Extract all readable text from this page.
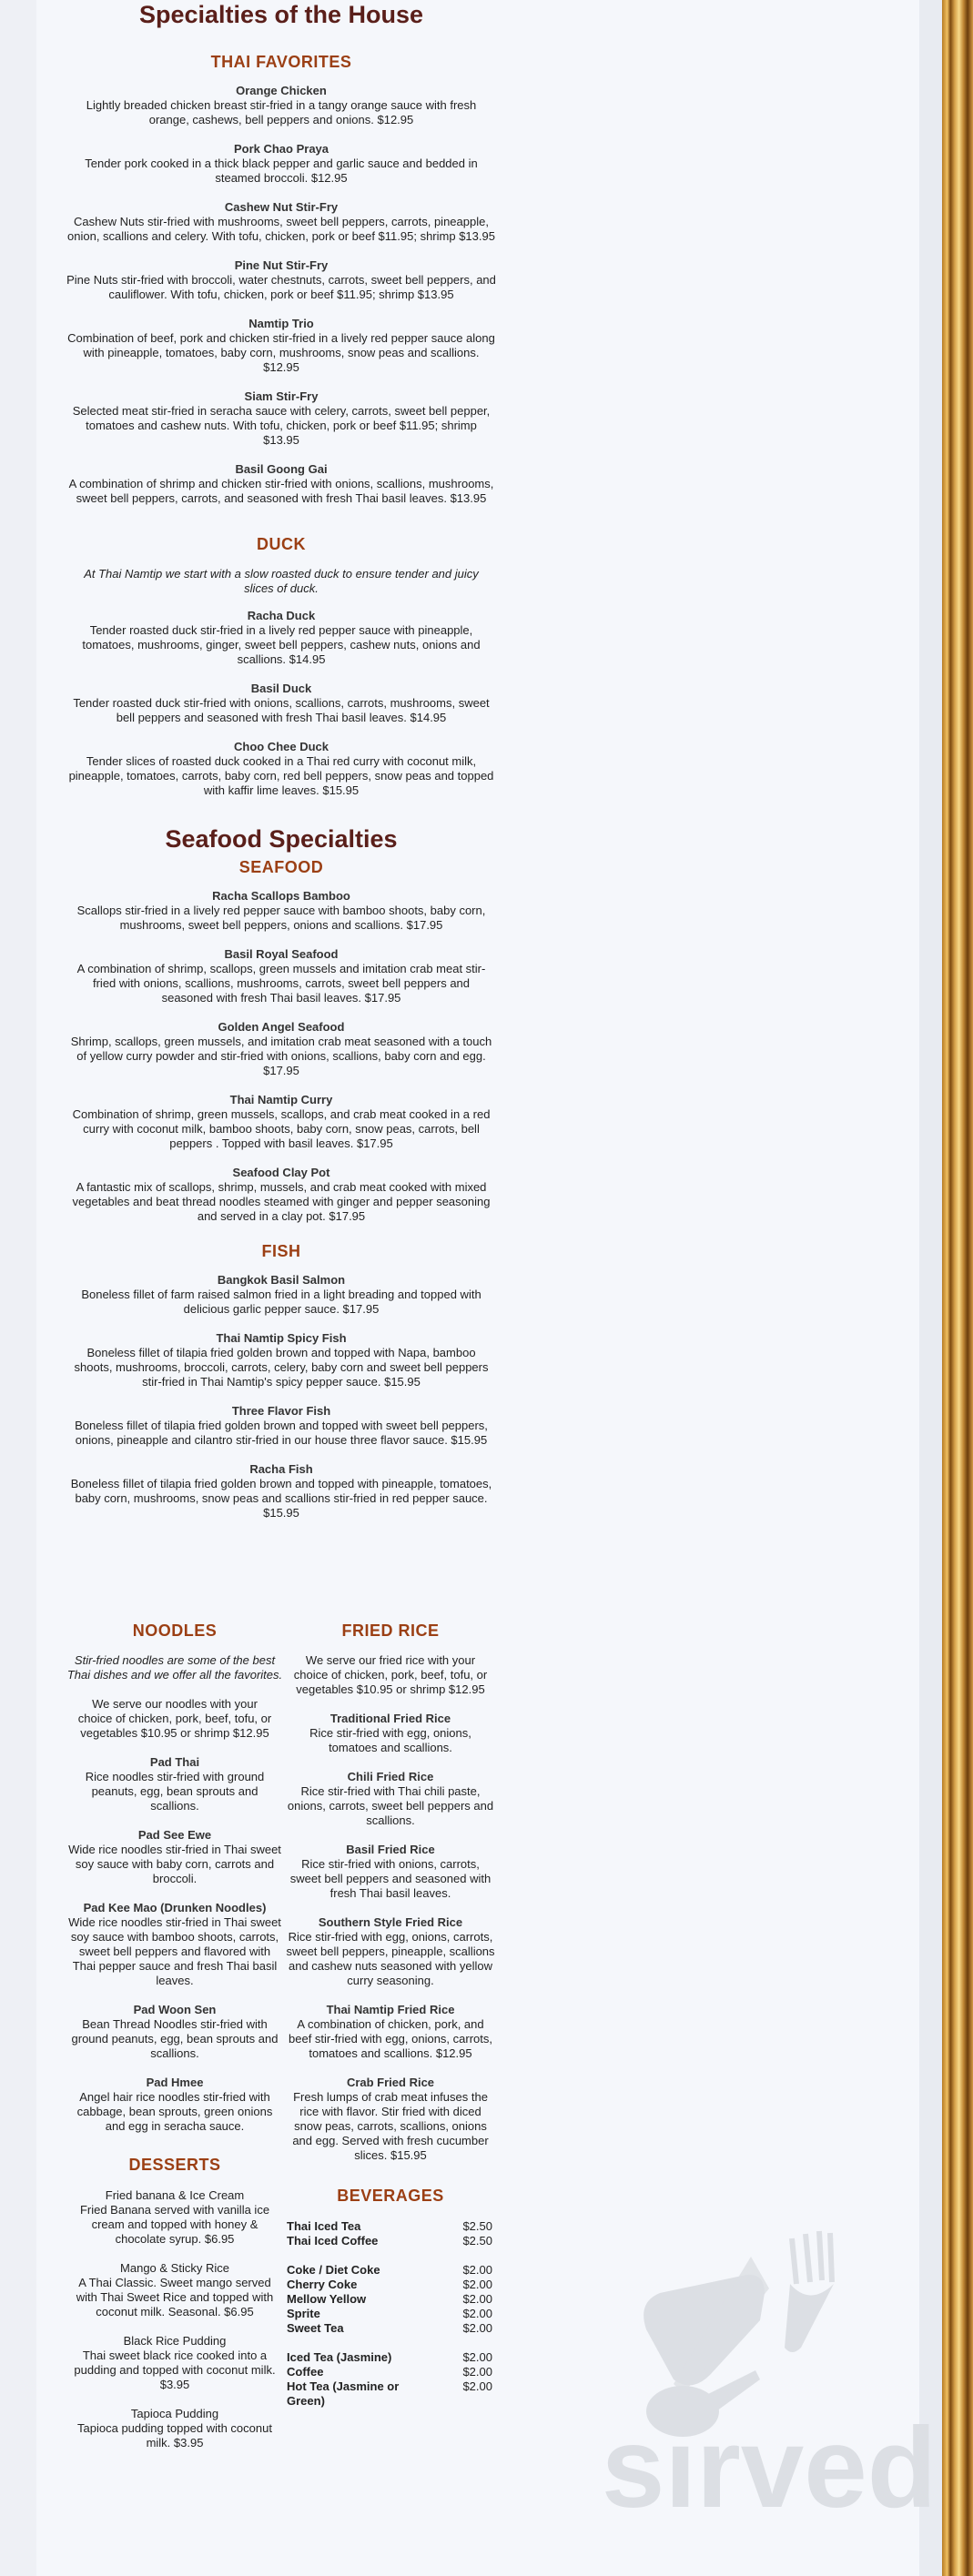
sirved
Specialties of the House
THAI FAVORITES
Orange Chicken
Lightly breaded chicken breast stir-fried in a tangy orange sauce with fresh orange, cashews, bell peppers and onions. $12.95
Pork Chao Praya
Tender pork cooked in a thick black pepper and garlic sauce and bedded in steamed broccoli. $12.95
Cashew Nut Stir-Fry
Cashew Nuts stir-fried with mushrooms, sweet bell peppers, carrots, pineapple, onion, scallions and celery. With tofu, chicken, pork or beef $11.95; shrimp $13.95
Pine Nut Stir-Fry
Pine Nuts stir-fried with broccoli, water chestnuts, carrots, sweet bell peppers, and cauliflower. With tofu, chicken, pork or beef $11.95; shrimp $13.95
Namtip Trio
Combination of beef, pork and chicken stir-fried in a lively red pepper sauce along with pineapple, tomatoes, baby corn, mushrooms, snow peas and scallions. $12.95
Siam Stir-Fry
Selected meat stir-fried in seracha sauce with celery, carrots, sweet bell pepper, tomatoes and cashew nuts. With tofu, chicken, pork or beef $11.95; shrimp $13.95
Basil Goong Gai
A combination of shrimp and chicken stir-fried with onions, scallions, mushrooms, sweet bell peppers, carrots, and seasoned with fresh Thai basil leaves. $13.95
DUCK
At Thai Namtip we start with a slow roasted duck to ensure tender and juicy slices of duck.
Racha Duck
Tender roasted duck stir-fried in a lively red pepper sauce with pineapple, tomatoes, mushrooms, ginger, sweet bell peppers, cashew nuts, onions and scallions. $14.95
Basil Duck
Tender roasted duck stir-fried with onions, scallions, carrots, mushrooms, sweet bell peppers and seasoned with fresh Thai basil leaves. $14.95
Choo Chee Duck
Tender slices of roasted duck cooked in a Thai red curry with coconut milk, pineapple, tomatoes, carrots, baby corn, red bell peppers, snow peas and topped with kaffir lime leaves. $15.95
Seafood Specialties
SEAFOOD
Racha Scallops Bamboo
Scallops stir-fried in a lively red pepper sauce with bamboo shoots, baby corn, mushrooms, sweet bell peppers, onions and scallions. $17.95
Basil Royal Seafood
A combination of shrimp, scallops, green mussels and imitation crab meat stir-fried with onions, scallions, mushrooms, carrots, sweet bell peppers and seasoned with fresh Thai basil leaves. $17.95
Golden Angel Seafood
Shrimp, scallops, green mussels, and imitation crab meat seasoned with a touch of yellow curry powder and stir-fried with onions, scallions, baby corn and egg. $17.95
Thai Namtip Curry
Combination of shrimp, green mussels, scallops, and crab meat cooked in a red curry with coconut milk, bamboo shoots, baby corn, snow peas, carrots, bell peppers . Topped with basil leaves. $17.95
Seafood Clay Pot
A fantastic mix of scallops, shrimp, mussels, and crab meat cooked with mixed vegetables and beat thread noodles steamed with ginger and pepper seasoning and served in a clay pot. $17.95
FISH
Bangkok Basil Salmon
Boneless fillet of farm raised salmon fried in a light breading and topped with delicious garlic pepper sauce. $17.95
Thai Namtip Spicy Fish
Boneless fillet of tilapia fried golden brown and topped with Napa, bamboo shoots, mushrooms, broccoli, carrots, celery, baby corn and sweet bell peppers stir-fried in Thai Namtip's spicy pepper sauce. $15.95
Three Flavor Fish
Boneless fillet of tilapia fried golden brown and topped with sweet bell peppers, onions, pineapple and cilantro stir-fried in our house three flavor sauce. $15.95
Racha Fish
Boneless fillet of tilapia fried golden brown and topped with pineapple, tomatoes, baby corn, mushrooms, snow peas and scallions stir-fried in red pepper sauce. $15.95
NOODLES
Stir-fried noodles are some of the best Thai dishes and we offer all the favorites.
We serve our noodles with your choice of chicken, pork, beef, tofu, or vegetables $10.95 or shrimp $12.95
Pad Thai
Rice noodles stir-fried with ground peanuts, egg, bean sprouts and scallions.
Pad See Ewe
Wide rice noodles stir-fried in Thai sweet soy sauce with baby corn, carrots and broccoli.
Pad Kee Mao (Drunken Noodles)
Wide rice noodles stir-fried in Thai sweet soy sauce with bamboo shoots, carrots, sweet bell peppers and flavored with Thai pepper sauce and fresh Thai basil leaves.
Pad Woon Sen
Bean Thread Noodles stir-fried with ground peanuts, egg, bean sprouts and scallions.
Pad Hmee
Angel hair rice noodles stir-fried with cabbage, bean sprouts, green onions and egg in seracha sauce.
DESSERTS
Fried banana & Ice Cream
Fried Banana served with vanilla ice cream and topped with honey & chocolate syrup. $6.95
Mango & Sticky Rice
A Thai Classic. Sweet mango served with Thai Sweet Rice and topped with coconut milk. Seasonal. $6.95
Black Rice Pudding
Thai sweet black rice cooked into a pudding and topped with coconut milk. $3.95
Tapioca Pudding
Tapioca pudding topped with coconut milk. $3.95
FRIED RICE
We serve our fried rice with your choice of chicken, pork, beef, tofu, or vegetables $10.95 or shrimp $12.95
Traditional Fried Rice
Rice stir-fried with egg, onions, tomatoes and scallions.
Chili Fried Rice
Rice stir-fried with Thai chili paste, onions, carrots, sweet bell peppers and scallions.
Basil Fried Rice
Rice stir-fried with onions, carrots, sweet bell peppers and seasoned with fresh Thai basil leaves.
Southern Style Fried Rice
Rice stir-fried with egg, onions, carrots, sweet bell peppers, pineapple, scallions and cashew nuts seasoned with yellow curry seasoning.
Thai Namtip Fried Rice
A combination of chicken, pork, and beef stir-fried with egg, onions, carrots, tomatoes and scallions. $12.95
Crab Fried Rice
Fresh lumps of crab meat infuses the rice with flavor. Stir fried with diced snow peas, carrots, scallions, onions and egg. Served with fresh cucumber slices. $15.95
BEVERAGES
Thai Iced Tea	$2.50
Thai Iced Coffee	$2.50
Coke / Diet Coke	$2.00
Cherry Coke	$2.00
Mellow Yellow	$2.00
Sprite	$2.00
Sweet Tea	$2.00
Iced Tea (Jasmine)	$2.00
Coffee	$2.00
Hot Tea (Jasmine or Green)
$2.00
